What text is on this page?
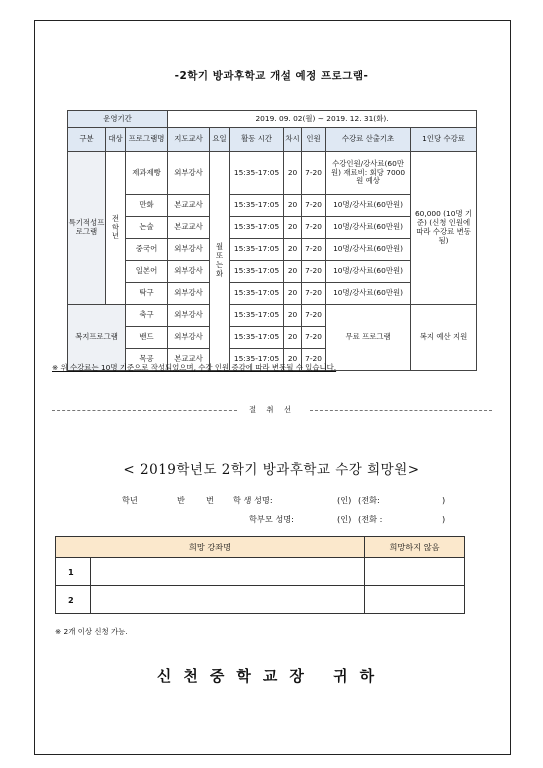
-2학기 방과후학교 개설 예정 프로그램-
운영기간			2019. 09. 02(월) ~ 2019. 12. 31(화).						
구분	대상	프로그램명	지도교사	요일	활동 시간	차시	인원	수강료 산출기초	1인당 수강료
특기적성프로그램	전 학 년	제과제빵	외부강사	월 또는 화	15:35-17:05	20	7-20	수강인원/강사료(60만원) 재료비: 회당 7000원 예상	60,000 (10명 기준) (신청 인원에 따라 수강료 변동 됨)
		만화	본교교사		15:35-17:05	20	7-20	10명/강사료(60만원)	
		논술	본교교사		15:35-17:05	20	7-20	10명/강사료(60만원)	
		중국어	외부강사		15:35-17:05	20	7-20	10명/강사료(60만원)	
		일본어	외부강사		15:35-17:05	20	7-20	10명/강사료(60만원)	
		탁구	외부강사		15:35-17:05	20	7-20	10명/강사료(60만원)	
복지프로그램		축구	외부강사		15:35-17:05	20	7-20	무료 프로그램	복지 예산 지원
		밴드	외부강사		15:35-17:05	20	7-20		
		목공	본교교사		15:35-17:05	20	7-20		
※ 위 수강료는 10명 기준으로 작성되었으며, 수강 인원 증감에 따라 변동될 수 있습니다.
절 취 선
< 2019학년도 2학기 방과후학교 수강 희망원>
학년	반	번 학 생 성명:	(인) (전화:	)
학부모 성명:	(인) (전화 :	)
희망 강좌명		희망하지 않음
1		
2		
※ 2개 이상 신청 가능.
신천중학교장 귀하
